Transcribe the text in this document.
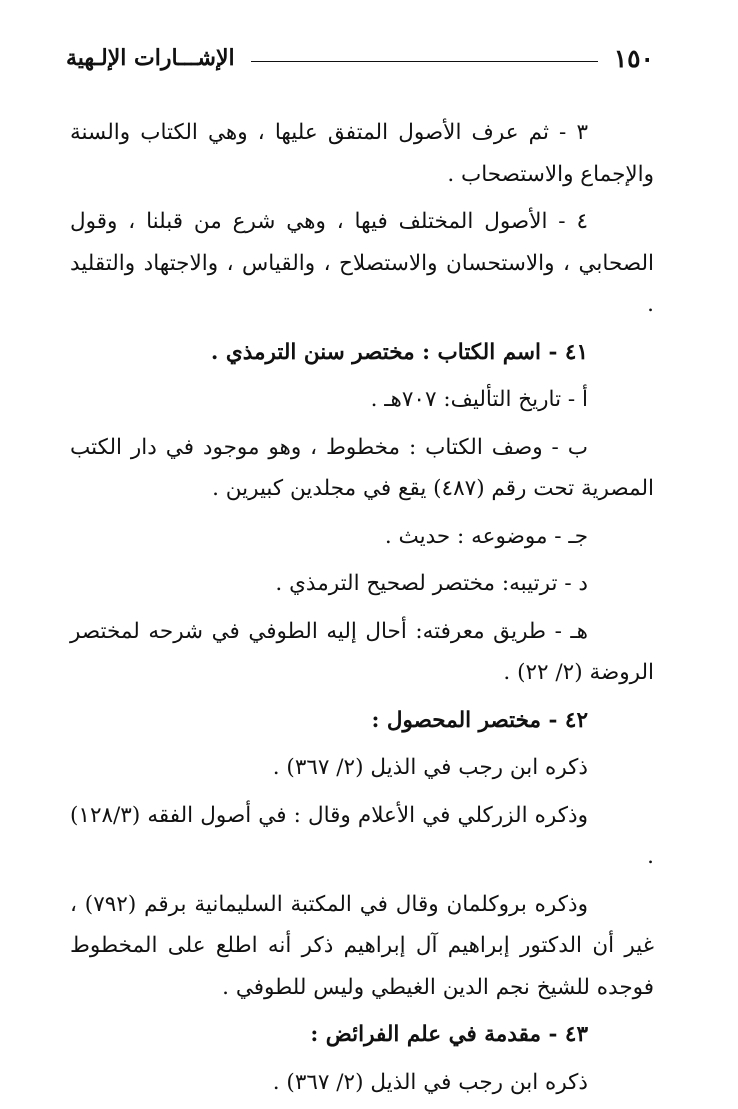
١٥٠
الإشـــارات الإلـهية

٣ - ثم عرف الأصول المتفق عليها ، وهي الكتاب والسنة والإجماع والاستصحاب .

٤ - الأصول المختلف فيها ، وهي شرع من قبلنا ، وقول الصحابي ، والاستحسان والاستصلاح ، والقياس ، والاجتهاد والتقليد .

٤١ - اسم الكتاب : مختصر سنن الترمذي .

أ - تاريخ التأليف: ٧٠٧هـ .

ب - وصف الكتاب : مخطوط ، وهو موجود في دار الكتب المصرية تحت رقم (٤٨٧) يقع في مجلدين كبيرين .

جـ - موضوعه : حديث .

د - ترتيبه: مختصر لصحيح الترمذي .

هـ - طريق معرفته: أحال إليه الطوفي في شرحه لمختصر الروضة (٢/ ٢٢) .

٤٢ - مختصر المحصول :

ذكره ابن رجب في الذيل (٢/ ٣٦٧) .

وذكره الزركلي في الأعلام وقال : في أصول الفقه (١٢٨/٣) .

وذكره بروكلمان وقال في المكتبة السليمانية برقم (٧٩٢) ، غير أن الدكتور إبراهيم آل إبراهيم ذكر أنه اطلع على المخطوط فوجده للشيخ نجم الدين الغيطي وليس للطوفي .

٤٣ - مقدمة في علم الفرائض :

ذكره ابن رجب في الذيل (٢/ ٣٦٧) .
